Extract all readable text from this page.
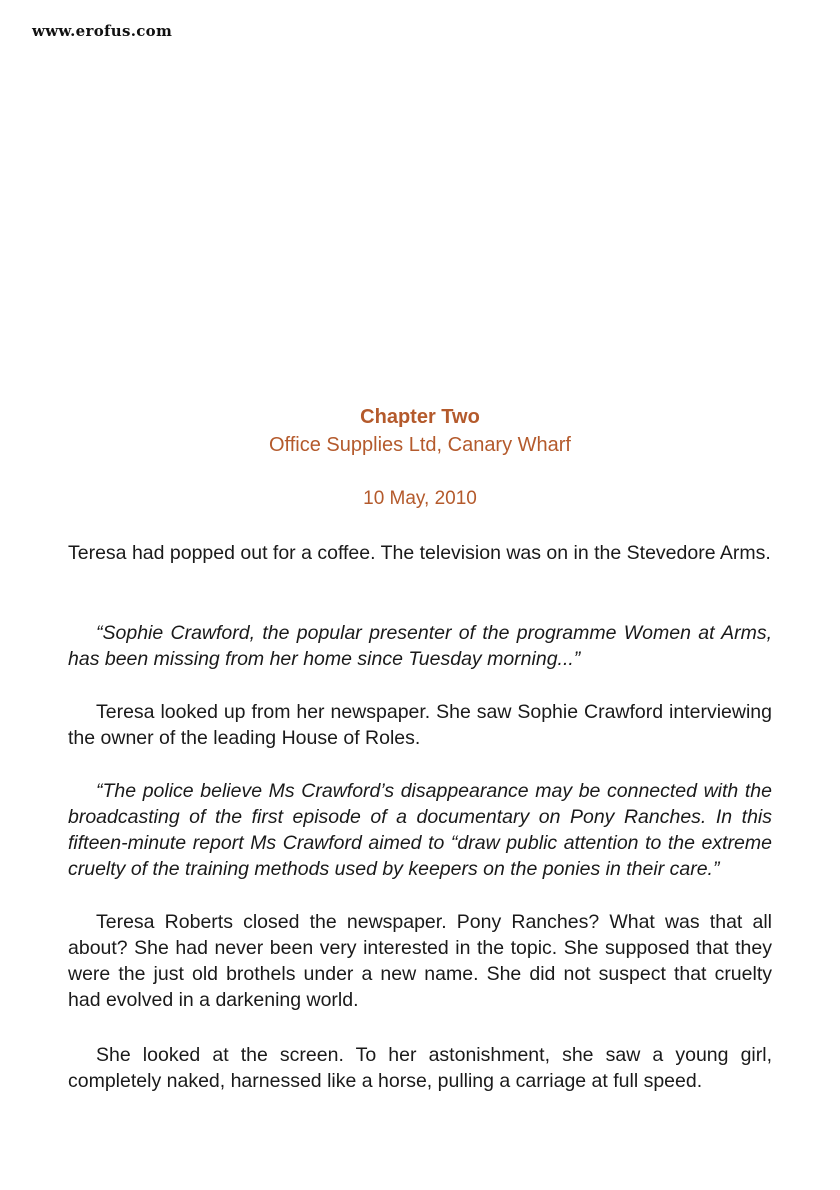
www.erofus.com
Chapter Two
Office Supplies Ltd, Canary Wharf
10 May, 2010

Teresa had popped out for a coffee. The television was on in the Stevedore Arms.

“Sophie Crawford, the popular presenter of the programme Women at Arms, has been missing from her home since Tuesday morning...”

Teresa looked up from her newspaper. She saw Sophie Crawford interviewing the owner of the leading House of Roles.

“The police believe Ms Crawford’s disappearance may be connected with the broadcasting of the first episode of a documentary on Pony Ranches. In this fifteen-minute report Ms Crawford aimed to “draw public attention to the extreme cruelty of the training methods used by keepers on the ponies in their care.”

Teresa Roberts closed the newspaper. Pony Ranches? What was that all about? She had never been very interested in the topic. She supposed that they were the just old brothels under a new name. She did not suspect that cruelty had evolved in a darkening world.

She looked at the screen. To her astonishment, she saw a young girl, completely naked, harnessed like a horse, pulling a carriage at full speed.
